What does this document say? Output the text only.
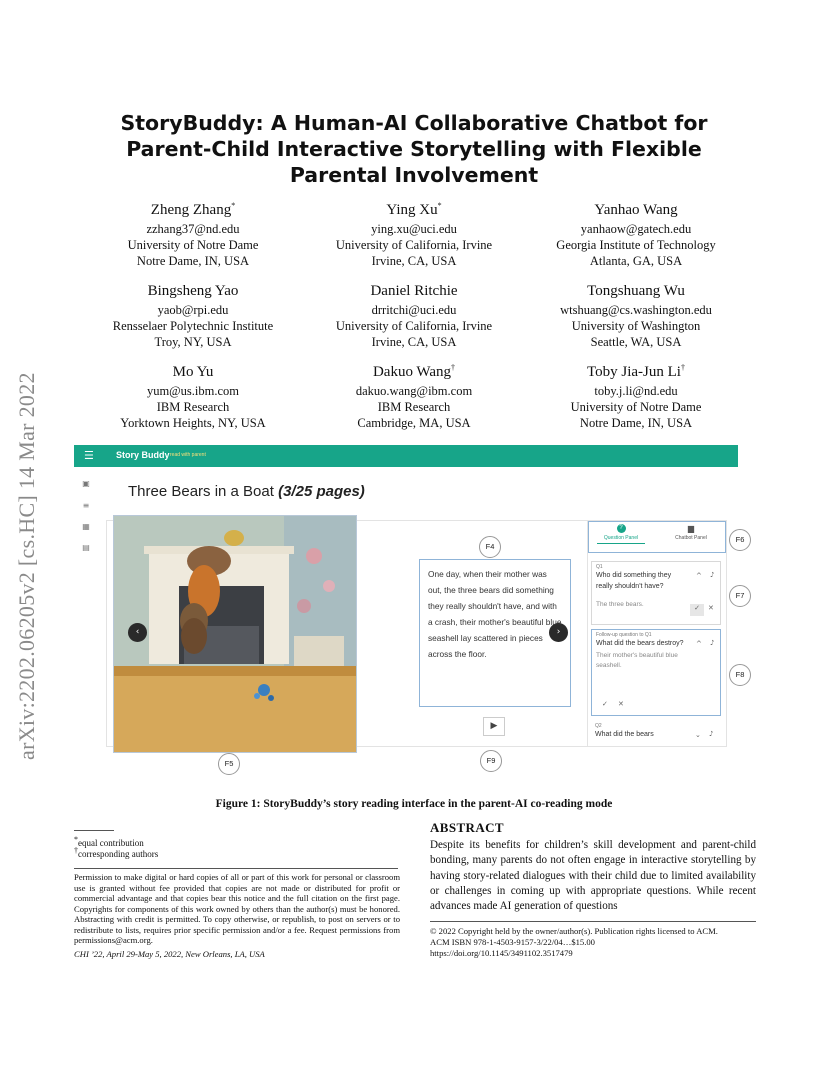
arXiv:2202.06205v2 [cs.HC] 14 Mar 2022
StoryBuddy: A Human-AI Collaborative Chatbot for Parent-Child Interactive Storytelling with Flexible Parental Involvement
Zheng Zhang*
zzhang37@nd.edu
University of Notre Dame
Notre Dame, IN, USA
Ying Xu*
ying.xu@uci.edu
University of California, Irvine
Irvine, CA, USA
Yanhao Wang
yanhaow@gatech.edu
Georgia Institute of Technology
Atlanta, GA, USA
Bingsheng Yao
yaob@rpi.edu
Rensselaer Polytechnic Institute
Troy, NY, USA
Daniel Ritchie
drritchi@uci.edu
University of California, Irvine
Irvine, CA, USA
Tongshuang Wu
wtshuang@cs.washington.edu
University of Washington
Seattle, WA, USA
Mo Yu
yum@us.ibm.com
IBM Research
Yorktown Heights, NY, USA
Dakuo Wang†
dakuo.wang@ibm.com
IBM Research
Cambridge, MA, USA
Toby Jia-Jun Li†
toby.j.li@nd.edu
University of Notre Dame
Notre Dame, IN, USA
☰ Story Buddy read with parent
▣
≡
▦
▤
Three Bears in a Boat (3/25 pages)
‹	›
One day, when their mother was out, the three bears did something they really shouldn't have, and with a crash, their mother's beautiful blue seashell lay scattered in pieces across the floor.
▶
?
Question Panel
▆
Chatbot Panel
Q1
Who did something they really shouldn't have?
^ ♪
The three bears.	✓	✕
Follow-up question to Q1
What did the bears destroy?	^ ♪
Their mother's beautiful blue seashell.
✓ ✕
Q2
What did the bears	⌄ ♪
F4
F5
F6
F7
F8
F9
Figure 1: StoryBuddy’s story reading interface in the parent-AI co-reading mode
*equal contribution
†corresponding authors
Permission to make digital or hard copies of all or part of this work for personal or classroom use is granted without fee provided that copies are not made or distributed for profit or commercial advantage and that copies bear this notice and the full citation on the first page. Copyrights for components of this work owned by others than the author(s) must be honored. Abstracting with credit is permitted. To copy otherwise, or republish, to post on servers or to redistribute to lists, requires prior specific permission and/or a fee. Request permissions from permissions@acm.org.
CHI ’22, April 29-May 5, 2022, New Orleans, LA, USA
ABSTRACT
Despite its benefits for children’s skill development and parent-child bonding, many parents do not often engage in interactive storytelling by having story-related dialogues with their child due to limited availability or challenges in coming up with appropriate questions. While recent advances made AI generation of questions
© 2022 Copyright held by the owner/author(s). Publication rights licensed to ACM.
ACM ISBN 978-1-4503-9157-3/22/04…$15.00
https://doi.org/10.1145/3491102.3517479
